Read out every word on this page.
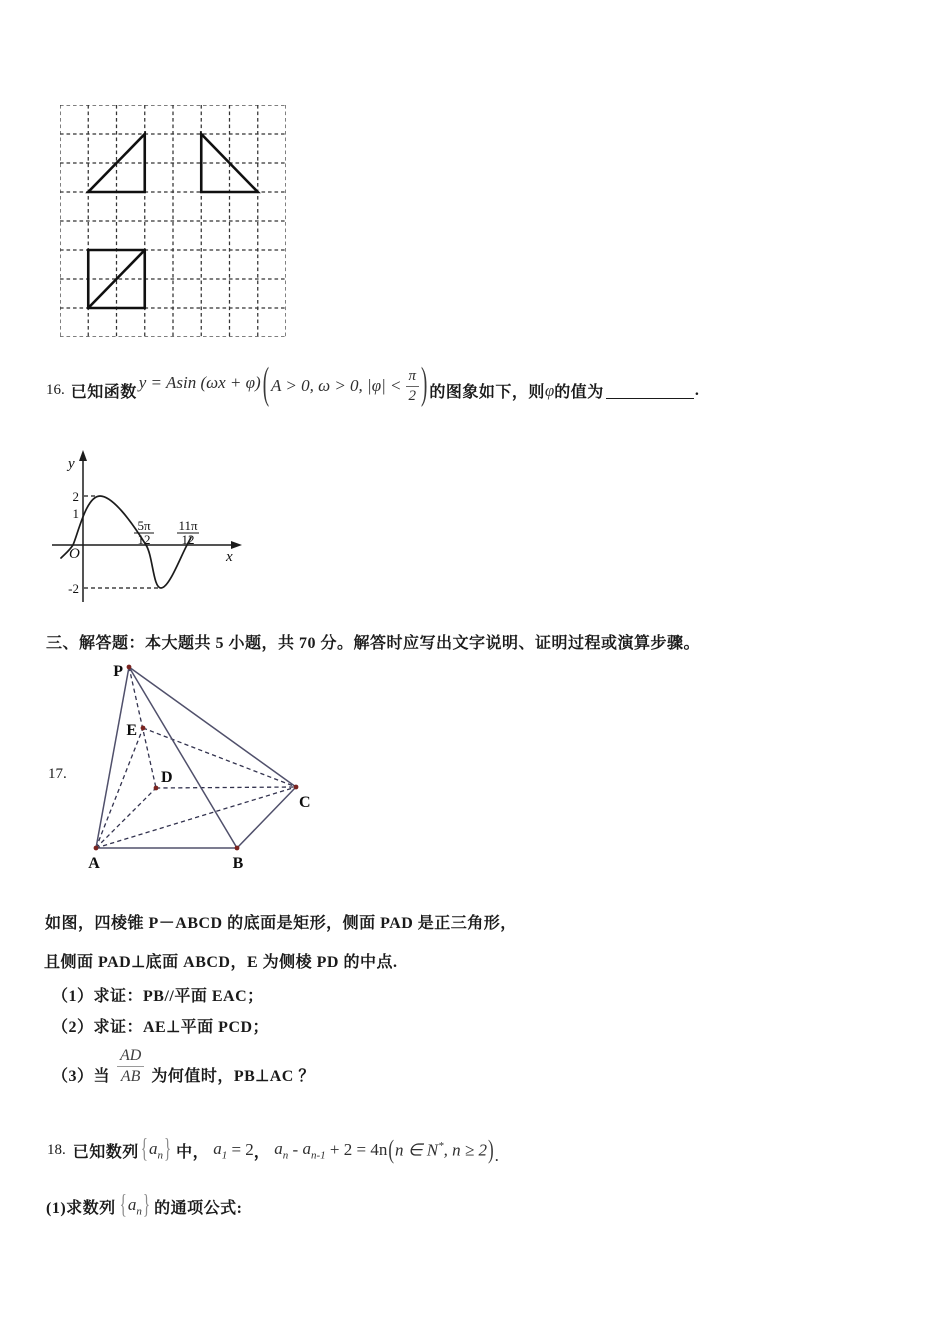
16. 已知函数
y = Asin (ωx + φ) ( A > 0, ω > 0, $|\varphi| < \frac{\pi}{2}$ ) 的图象如下，则 φ 的值为	.
y
x
O
2
1
-2
5π
12
11π
12
三、解答题：本大题共 5 小题，共 70 分。解答时应写出文字说明、证明过程或演算步骤。
17.
P
E
D
C
A	B
如图，四棱锥 P－ABCD 的底面是矩形，侧面 PAD 是正三角形，
且侧面 PAD⊥底面 ABCD，E 为侧棱 PD 的中点.
（1）求证：PB//平面 EAC；
（2）求证：AE⊥平面 PCD；
（3）当 $\frac{AD}{AB}$ 为何值时，PB⊥AC ？
18. 已知数列 { $a_n$ } 中， $a_1 = 2$ ， $a_n - a_{n-1} + 2 = 4n$ ( n ∈ N*, n ≥ 2 ) .
(1)求数列 { $a_n$ } 的通项公式:
